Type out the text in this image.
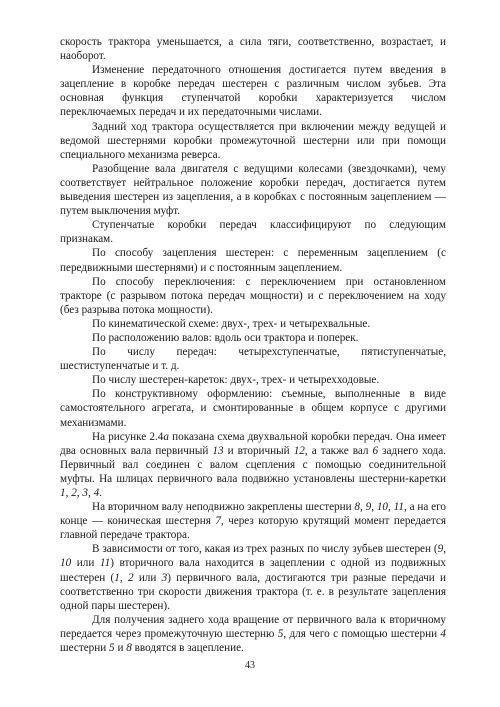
скорость трактора уменьшается, а сила тяги, соответственно, возрастает, и наоборот.

Изменение передаточного отношения достигается путем введения в зацепление в коробке передач шестерен с различным числом зубьев. Эта основная функция ступенчатой коробки характеризуется числом переключаемых передач и их передаточными числами.

Задний ход трактора осуществляется при включении между ведущей и ведомой шестернями коробки промежуточной шестерни или при помощи специального механизма реверса.

Разобщение вала двигателя с ведущими колесами (звездочками), чему соответствует нейтральное положение коробки передач, достигается путем выведения шестерен из зацепления, а в коробках с постоянным зацеплением — путем выключения муфт.

Ступенчатые коробки передач классифицируют по следующим признакам.

По способу зацепления шестерен: с переменным зацеплением (с передвижными шестернями) и с постоянным зацеплением.

По способу переключения: с переключением при остановленном тракторе (с разрывом потока передач мощности) и с переключением на ходу (без разрыва потока мощности).

По кинематической схеме: двух-, трех- и четырехвальные.

По расположению валов: вдоль оси трактора и поперек.

По числу передач: четырехступенчатые, пятиступенчатые, шестиступенчатые и т. д.

По числу шестерен-кареток: двух-, трех- и четырехходовые.

По конструктивному оформлению: съемные, выполненные в виде самостоятельного агрегата, и смонтированные в общем корпусе с другими механизмами.

На рисунке 2.4а показана схема двухвальной коробки передач. Она имеет два основных вала первичный 13 и вторичный 12, а также вал 6 заднего хода. Первичный вал соединен с валом сцепления с помощью соединительной муфты. На шлицах первичного вала подвижно установлены шестерни-каретки 1, 2, 3, 4.

На вторичном валу неподвижно закреплены шестерни 8, 9, 10, 11, а на его конце — коническая шестерня 7, через которую крутящий момент передается главной передаче трактора.

В зависимости от того, какая из трех разных по числу зубьев шестерен (9, 10 или 11) вторичного вала находится в зацеплении с одной из подвижных шестерен (1, 2 или 3) первичного вала, достигаются три разные передачи и соответственно три скорости движения трактора (т. е. в результате зацепления одной пары шестерен).

Для получения заднего хода вращение от первичного вала к вторичному передается через промежуточную шестерню 5, для чего с помощью шестерни 4 шестерни 5 и 8 вводятся в зацепление.

43
